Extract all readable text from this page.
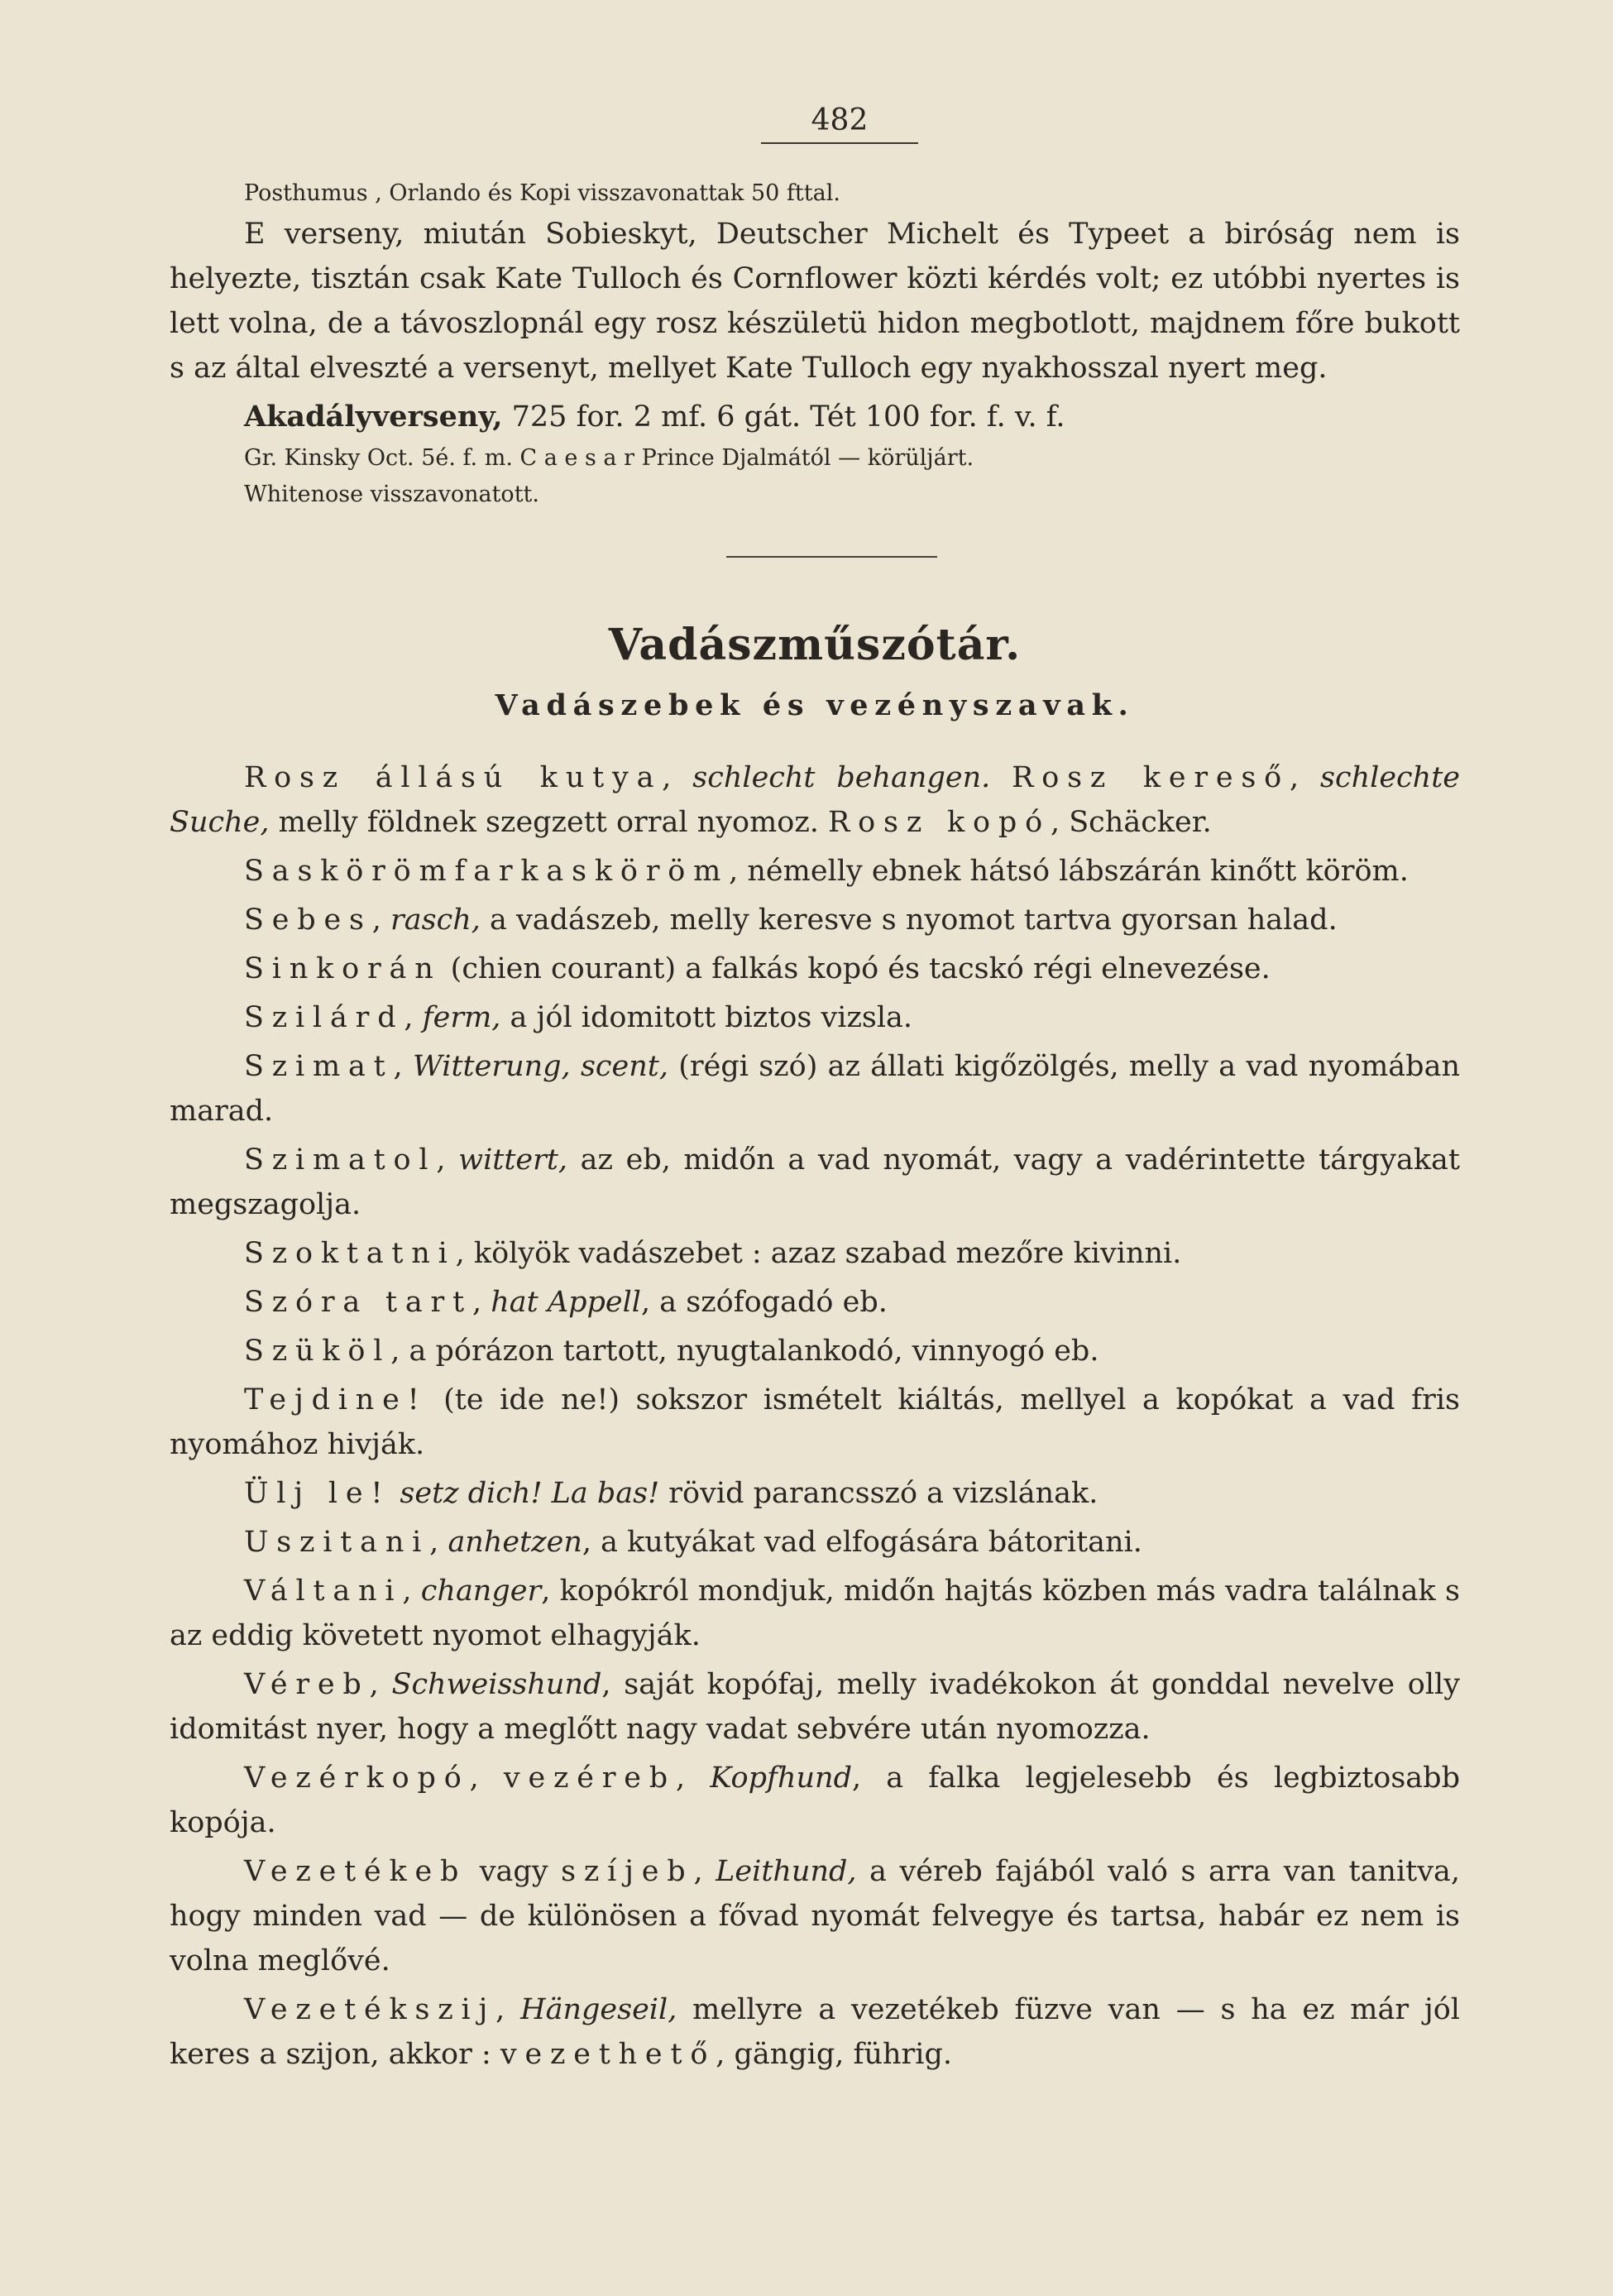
482

Posthumus , Orlando és Kopi visszavonattak 50 fttal.

E verseny, miután Sobieskyt, Deutscher Michelt és Typeet a biróság nem is helyezte, tisztán csak Kate Tulloch és Cornflower közti kérdés volt; ez utóbbi nyertes is lett volna, de a távoszlopnál egy rosz készületü hidon megbotlott, majdnem főre bukott s az által elveszté a versenyt, mellyet Kate Tulloch egy nyakhosszal nyert meg.

Akadályverseny, 725 for. 2 mf. 6 gát. Tét 100 for. f. v. f.

Gr. Kinsky Oct. 5é. f. m. C a e s a r Prince Djalmától — körüljárt.

Whitenose visszavonatott.

Vadászműszótár.
Vadászebek és vezényszavak.

Rosz állású kutya, schlecht behangen. Rosz kereső, schlechte Suche, melly földnek szegzett orral nyomoz. Rosz kopó, Schäcker.

Saskörömfarkasköröm, némelly ebnek hátsó lábszárán kinőtt köröm.

Sebes, rasch, a vadászeb, melly keresve s nyomot tartva gyorsan halad.

Sinkorán (chien courant) a falkás kopó és tacskó régi elnevezése.

Szilárd, ferm, a jól idomitott biztos vizsla.

Szimat, Witterung, scent, (régi szó) az állati kigőzölgés, melly a vad nyomában marad.

Szimatol, wittert, az eb, midőn a vad nyomát, vagy a vadérintette tárgyakat megszagolja.

Szoktatni, kölyök vadászebet : azaz szabad mezőre kivinni.

Szóra tart, hat Appell, a szófogadó eb.

Szüköl, a pórázon tartott, nyugtalankodó, vinnyogó eb.

Tejdine! (te ide ne!) sokszor ismételt kiáltás, mellyel a kopókat a vad fris nyomához hivják.

Ülj le! setz dich! La bas! rövid parancsszó a vizslának.

Uszitani, anhetzen, a kutyákat vad elfogására bátoritani.

Váltani, changer, kopókról mondjuk, midőn hajtás közben más vadra találnak s az eddig követett nyomot elhagyják.

Véreb, Schweisshund, saját kopófaj, melly ivadékokon át gonddal nevelve olly idomitást nyer, hogy a meglőtt nagy vadat sebvére után nyomozza.

Vezérkopó, vezéreb, Kopfhund, a falka legjelesebb és legbiztosabb kopója.

Vezetékeb vagy szíjeb, Leithund, a véreb fajából való s arra van tanitva, hogy minden vad — de különösen a fővad nyomát felvegye és tartsa, habár ez nem is volna meglővé.

Vezetékszij, Hängeseil, mellyre a vezetékeb füzve van — s ha ez már jól keres a szijon, akkor : vezethető, gängig, führig.
